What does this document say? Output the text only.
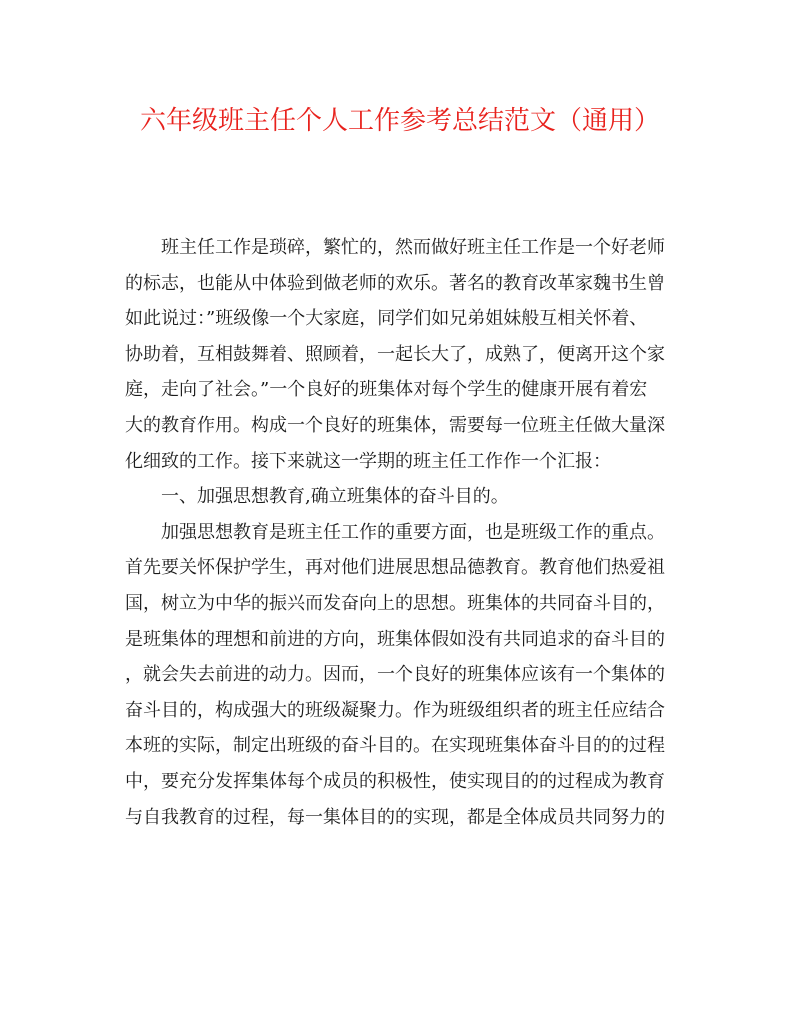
六年级班主任个人工作参考总结范文（通用）
班主任工作是琐碎，繁忙的，然而做好班主任工作是一个好老师
的标志，也能从中体验到做老师的欢乐。著名的教育改革家魏书生曾
如此说过：”班级像一个大家庭，同学们如兄弟姐妹般互相关怀着、
协助着，互相鼓舞着、照顾着，一起长大了，成熟了，便离开这个家
庭，走向了社会。”一个良好的班集体对每个学生的健康开展有着宏
大的教育作用。构成一个良好的班集体，需要每一位班主任做大量深
化细致的工作。接下来就这一学期的班主任工作作一个汇报：
一、加强思想教育,确立班集体的奋斗目的。
加强思想教育是班主任工作的重要方面，也是班级工作的重点。
首先要关怀保护学生，再对他们进展思想品德教育。教育他们热爱祖
国，树立为中华的振兴而发奋向上的思想。班集体的共同奋斗目的，
是班集体的理想和前进的方向，班集体假如没有共同追求的奋斗目的
，就会失去前进的动力。因而，一个良好的班集体应该有一个集体的
奋斗目的，构成强大的班级凝聚力。作为班级组织者的班主任应结合
本班的实际，制定出班级的奋斗目的。在实现班集体奋斗目的的过程
中，要充分发挥集体每个成员的积极性，使实现目的的过程成为教育
与自我教育的过程，每一集体目的的实现，都是全体成员共同努力的
